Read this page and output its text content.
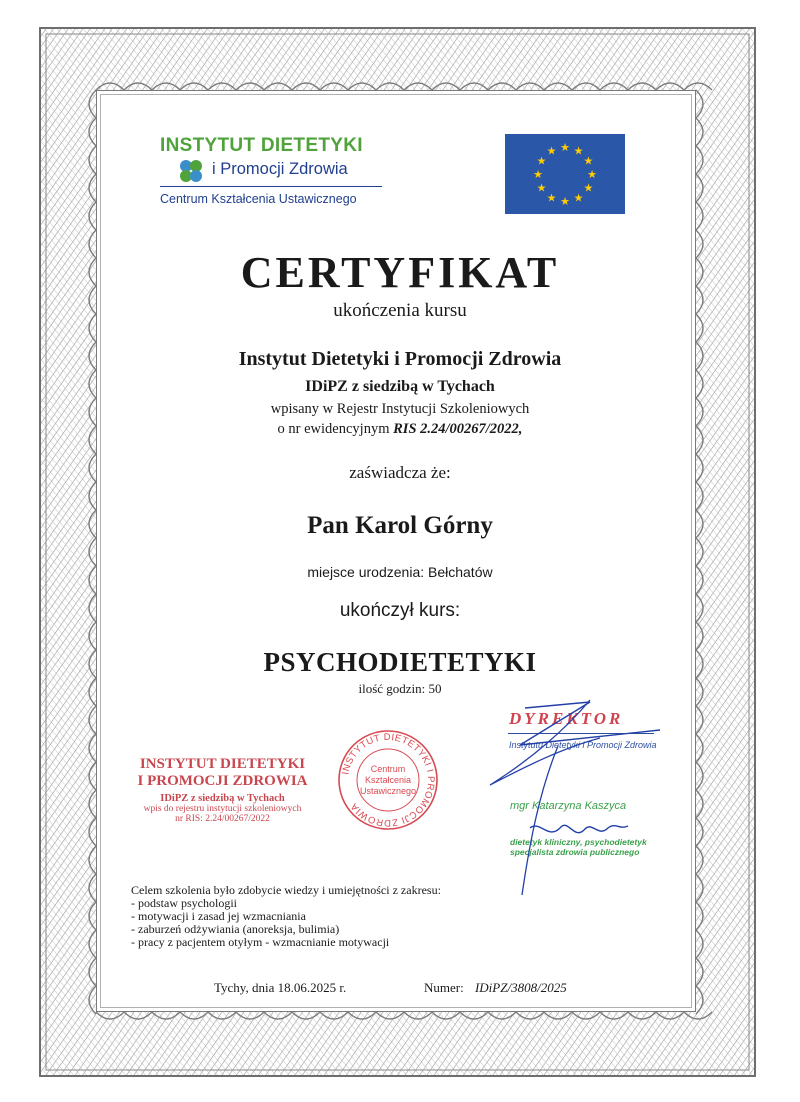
INSTYTUT DIETETYKI
i Promocji Zdrowia
Centrum Kształcenia Ustawicznego
★ ★
★
★
★
★
★
★
★
★
★
★
CERTYFIKAT
ukończenia kursu
Instytut Dietetyki i Promocji Zdrowia
IDiPZ z siedzibą w Tychach
wpisany w Rejestr Instytucji Szkoleniowych
o nr ewidencyjnym RIS 2.24/00267/2022,
zaświadcza że:
Pan Karol Górny
miejsce urodzenia: Bełchatów
ukończył kurs:
PSYCHODIETETYKI
ilość godzin: 50
INSTYTUT DIETETYKI
I PROMOCJI ZDROWIA
IDiPZ z siedzibą w Tychach
wpis do rejestru instytucji szkoleniowych
nr RIS: 2.24/00267/2022
INSTYTUT DIETETYKI I PROMOCJI ZDROWIA
Centrum
Kształcenia
Ustawicznego
DYREKTOR
Instytutu Dietetyki i Promocji Zdrowia
mgr Katarzyna Kaszyca
dietetyk kliniczny, psychodietetyk
specjalista zdrowia publicznego
Celem szkolenia było zdobycie wiedzy i umiejętności z zakresu:
- podstaw psychologii
- motywacji i zasad jej wzmacniania
- zaburzeń odżywiania (anoreksja, bulimia)
- pracy z pacjentem otyłym - wzmacnianie motywacji
Tychy, dnia 18.06.2025 r.	Numer: IDiPZ/3808/2025
